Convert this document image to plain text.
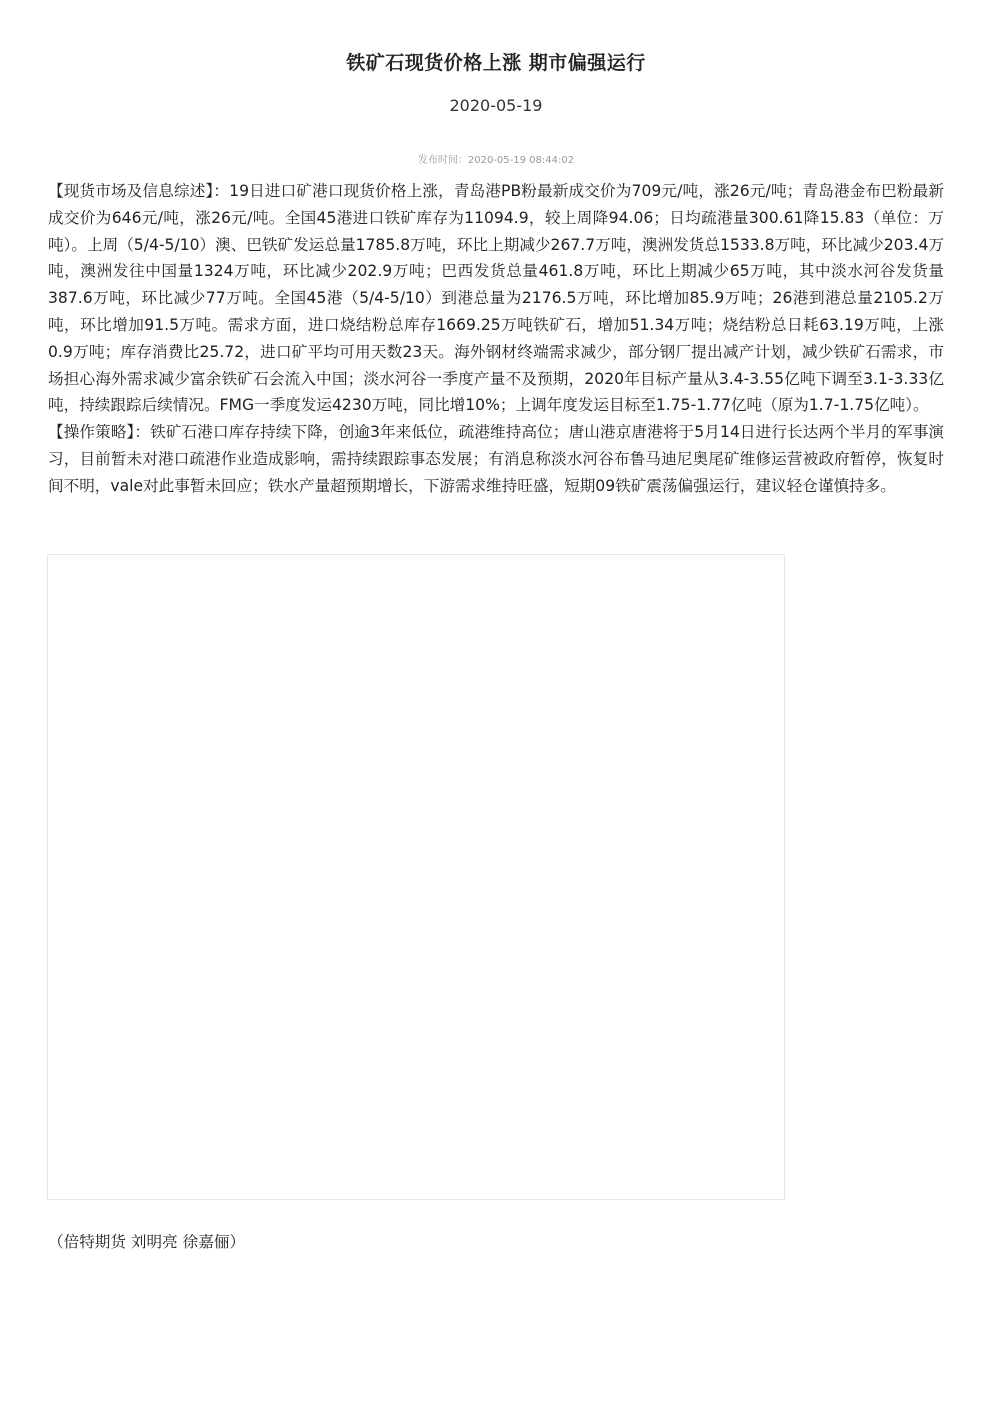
铁矿石现货价格上涨 期市偏强运行
2020-05-19
发布时间：2020-05-19 08:44:02

【现货市场及信息综述】：19日进口矿港口现货价格上涨，青岛港PB粉最新成交价为709元/吨，涨26元/吨；青岛港金布巴粉最新成交价为646元/吨，涨26元/吨。全国45港进口铁矿库存为11094.9，较上周降94.06；日均疏港量300.61降15.83（单位：万吨）。上周（5/4-5/10）澳、巴铁矿发运总量1785.8万吨，环比上期减少267.7万吨，澳洲发货总1533.8万吨，环比减少203.4万吨，澳洲发往中国量1324万吨，环比减少202.9万吨；巴西发货总量461.8万吨，环比上期减少65万吨，其中淡水河谷发货量387.6万吨，环比减少77万吨。全国45港（5/4-5/10）到港总量为2176.5万吨，环比增加85.9万吨；26港到港总量2105.2万吨，环比增加91.5万吨。需求方面，进口烧结粉总库存1669.25万吨铁矿石，增加51.34万吨；烧结粉总日耗63.19万吨，上涨0.9万吨；库存消费比25.72，进口矿平均可用天数23天。海外钢材终端需求减少，部分钢厂提出减产计划，减少铁矿石需求，市场担心海外需求减少富余铁矿石会流入中国；淡水河谷一季度产量不及预期，2020年目标产量从3.4-3.55亿吨下调至3.1-3.33亿吨，持续跟踪后续情况。FMG一季度发运4230万吨，同比增10%；上调年度发运目标至1.75-1.77亿吨（原为1.7-1.75亿吨）。

【操作策略】：铁矿石港口库存持续下降，创逾3年来低位，疏港维持高位；唐山港京唐港将于5月14日进行长达两个半月的军事演习，目前暂未对港口疏港作业造成影响，需持续跟踪事态发展；有消息称淡水河谷布鲁马迪尼奥尾矿维修运营被政府暂停，恢复时间不明，vale对此事暂未回应；铁水产量超预期增长，下游需求维持旺盛，短期09铁矿震荡偏强运行，建议轻仓谨慎持多。

（倍特期货 刘明亮 徐嘉俪）
